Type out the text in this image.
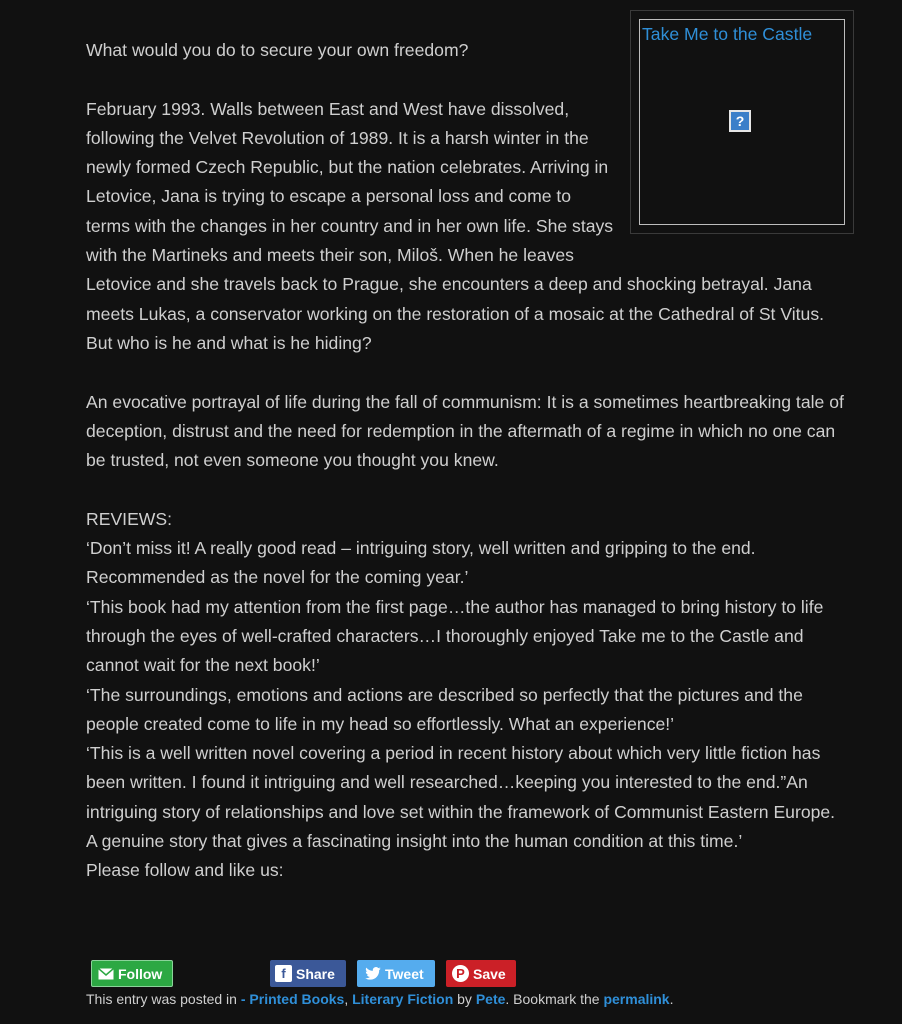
Take Me to the Castle
?

What would you do to secure your own freedom?

February 1993. Walls between East and West have dissolved, following the Velvet Revolution of 1989. It is a harsh winter in the newly formed Czech Republic, but the nation celebrates. Arriving in Letovice, Jana is trying to escape a personal loss and come to terms with the changes in her country and in her own life. She stays with the Martineks and meets their son, Miloš. When he leaves Letovice and she travels back to Prague, she encounters a deep and shocking betrayal. Jana meets Lukas, a conservator working on the restoration of a mosaic at the Cathedral of St Vitus. But who is he and what is he hiding?

An evocative portrayal of life during the fall of communism: It is a sometimes heartbreaking tale of deception, distrust and the need for redemption in the aftermath of a regime in which no one can be trusted, not even someone you thought you knew.

REVIEWS:

‘Don’t miss it! A really good read – intriguing story, well written and gripping to the end. Recommended as the novel for the coming year.’

‘This book had my attention from the first page…the author has managed to bring history to life through the eyes of well-crafted characters…I thoroughly enjoyed Take me to the Castle and cannot wait for the next book!’

‘The surroundings, emotions and actions are described so perfectly that the pictures and the people created come to life in my head so effortlessly. What an experience!’

‘This is a well written novel covering a period in recent history about which very little fiction has been written. I found it intriguing and well researched…keeping you interested to the end.”An intriguing story of relationships and love set within the framework of Communist Eastern Europe. A genuine story that gives a fascinating insight into the human condition at this time.’

Please follow and like us:

Follow	f Share	Tweet	P Save
This entry was posted in - Printed Books, Literary Fiction by Pete. Bookmark the permalink.
